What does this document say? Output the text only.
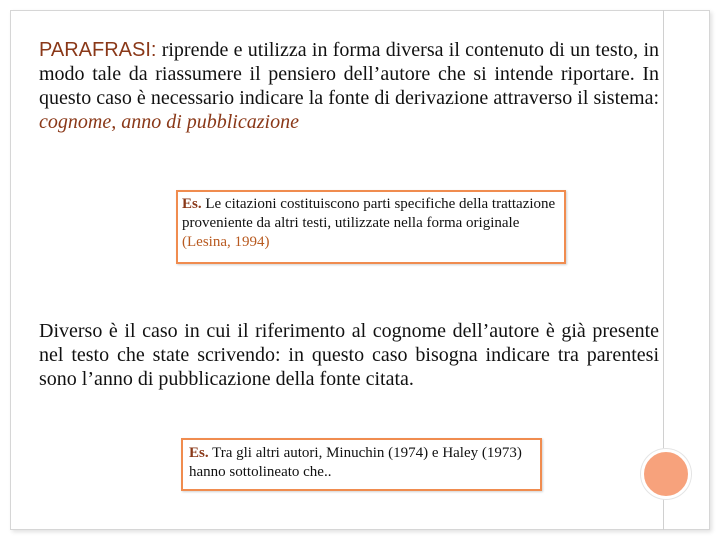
PARAFRASI: riprende e utilizza in forma diversa il contenuto di un testo, in modo tale da riassumere il pensiero dell’autore che si intende riportare. In questo caso è necessario indicare la fonte di derivazione attraverso il sistema: cognome, anno di pubblicazione
Es. Le citazioni costituiscono parti specifiche della trattazione proveniente da altri testi, utilizzate nella forma originale (Lesina, 1994)
Diverso è il caso in cui il riferimento al cognome dell’autore è già presente nel testo che state scrivendo: in questo caso bisogna indicare tra parentesi sono l’anno di pubblicazione della fonte citata.
Es. Tra gli altri autori, Minuchin (1974) e Haley (1973) hanno sottolineato che..
